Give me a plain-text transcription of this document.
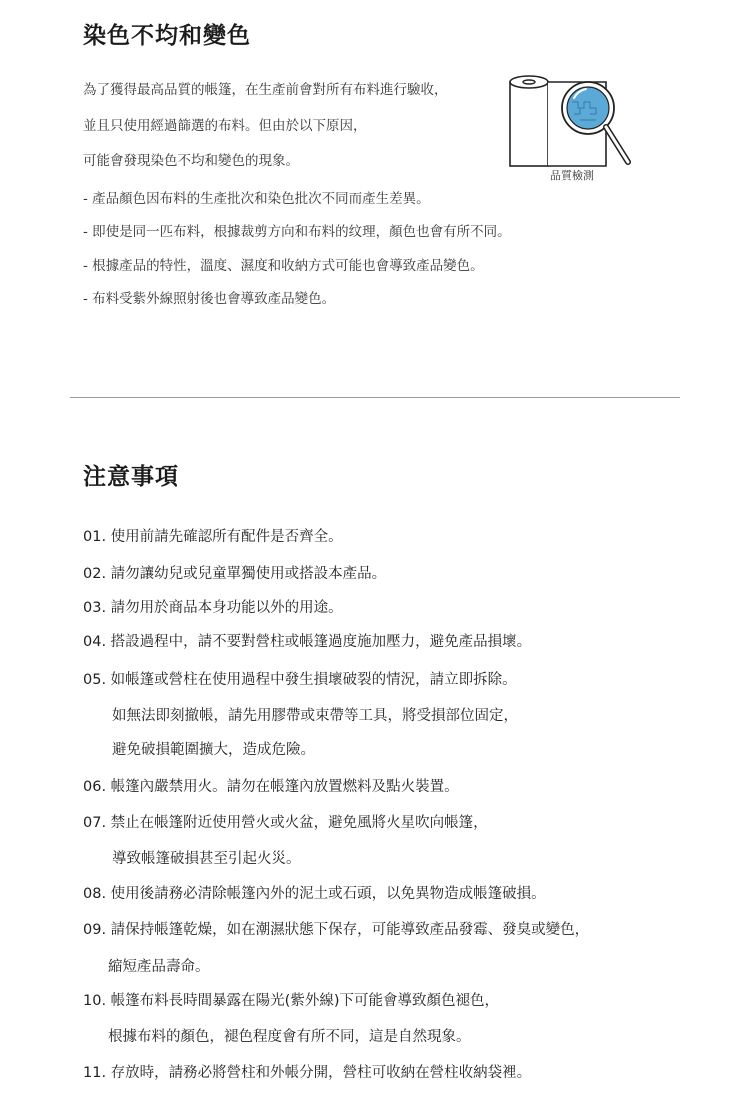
染色不均和變色
為了獲得最高品質的帳篷，在生產前會對所有布料進行驗收，
並且只使用經過篩選的布料。但由於以下原因，
可能會發現染色不均和變色的現象。
品質檢測
- 產品顏色因布料的生產批次和染色批次不同而產生差異。
- 即使是同一匹布料，根據裁剪方向和布料的纹理，顏色也會有所不同。
- 根據產品的特性，溫度、濕度和收納方式可能也會導致產品變色。
- 布料受紫外線照射後也會導致產品變色。
注意事項
01. 使用前請先確認所有配件是否齊全。
02. 請勿讓幼兒或兒童單獨使用或搭設本產品。
03. 請勿用於商品本身功能以外的用途。
04. 搭設過程中，請不要對營柱或帳篷過度施加壓力，避免產品損壞。
05. 如帳篷或營柱在使用過程中發生損壞破裂的情況，請立即拆除。
如無法即刻撤帳，請先用膠帶或束帶等工具，將受損部位固定，
避免破損範圍擴大，造成危險。
06. 帳篷內嚴禁用火。請勿在帳篷內放置燃料及點火裝置。
07. 禁止在帳篷附近使用營火或火盆，避免風將火星吹向帳篷，
導致帳篷破損甚至引起火災。
08. 使用後請務必清除帳篷內外的泥土或石頭，以免異物造成帳篷破損。
09. 請保持帳篷乾燥，如在潮濕狀態下保存，可能導致產品發霉、發臭或變色，
縮短產品壽命。
10. 帳篷布料長時間暴露在陽光(紫外線)下可能會導致顏色褪色，
根據布料的顏色，褪色程度會有所不同，這是自然現象。
11. 存放時，請務必將營柱和外帳分開，營柱可收納在營柱收納袋裡。
